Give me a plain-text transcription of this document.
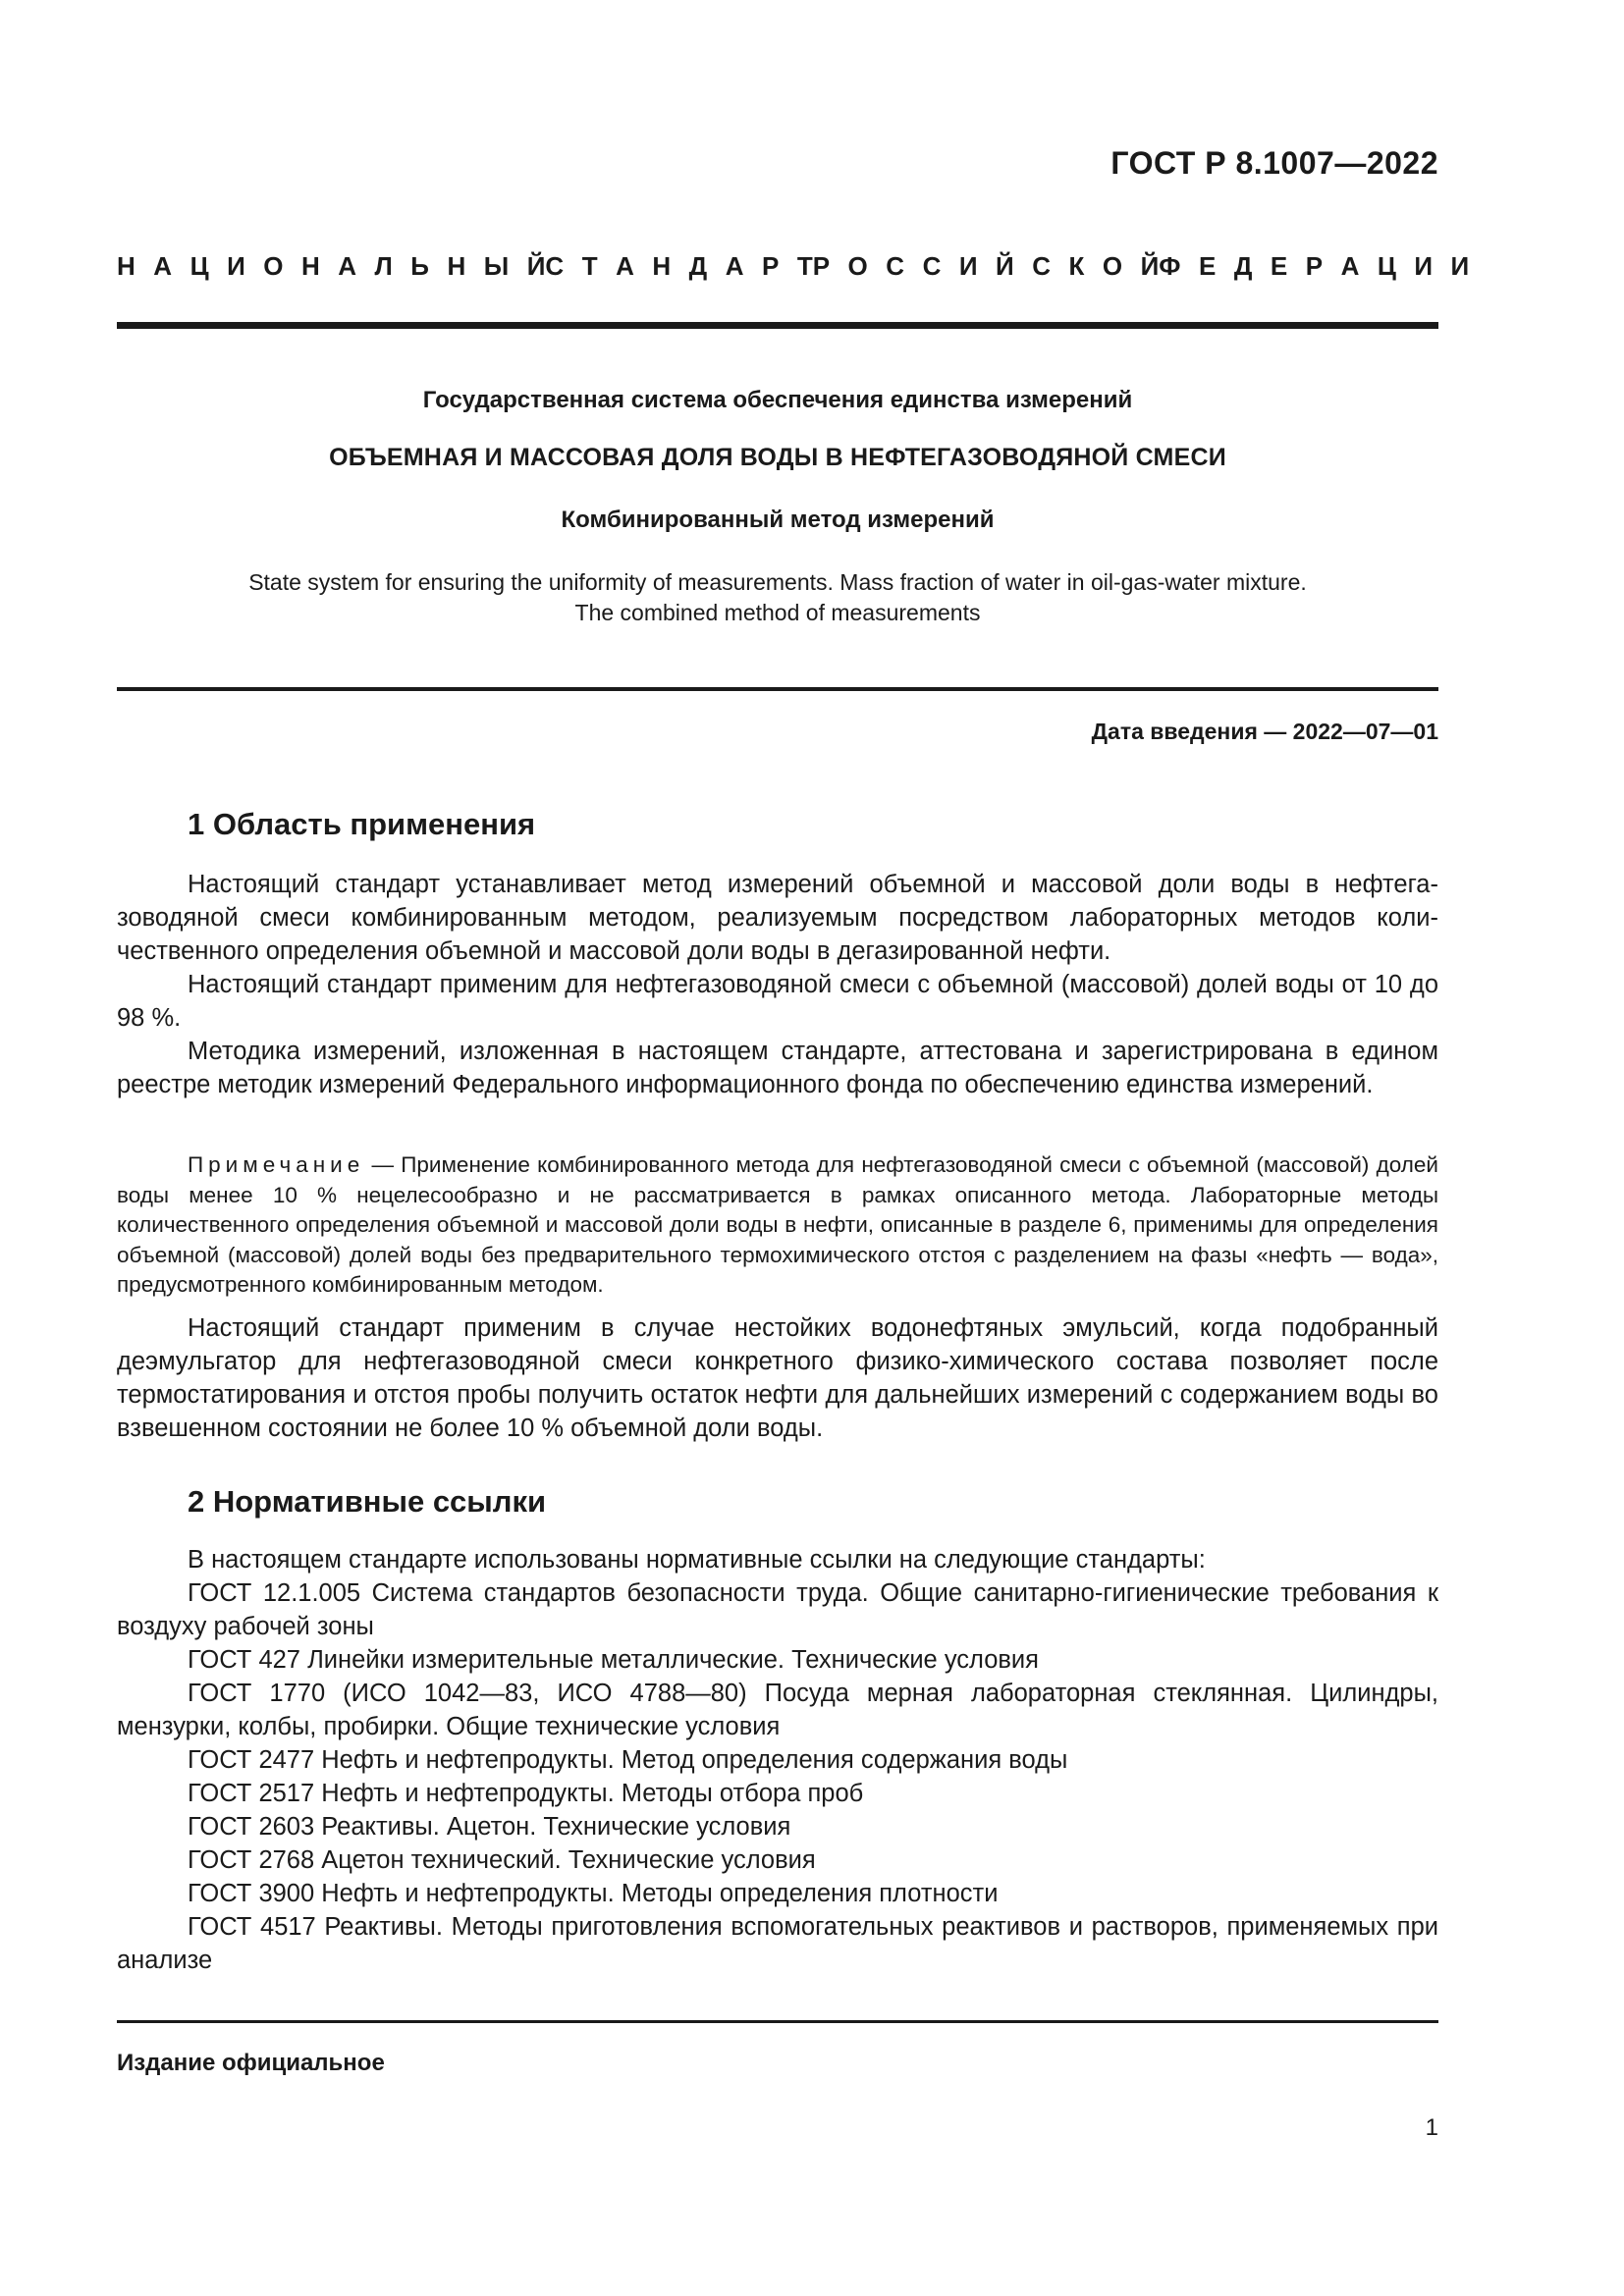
ГОСТ Р 8.1007—2022
Н А Ц И О Н А Л Ь Н Ы Й С Т А Н Д А Р Т Р О С С И Й С К О Й Ф Е Д Е Р А Ц И И
Государственная система обеспечения единства измерений
ОБЪЕМНАЯ И МАССОВАЯ ДОЛЯ ВОДЫ В НЕФТЕГАЗОВОДЯНОЙ СМЕСИ
Комбинированный метод измерений
State system for ensuring the uniformity of measurements. Mass fraction of water in oil-gas-water mixture.
The combined method of measurements
Дата введения — 2022—07—01
1 Область применения

Настоящий стандарт устанавливает метод измерений объемной и массовой доли воды в нефтегазоводяной смеси комбинированным методом, реализуемым посредством лабораторных методов количественного определения объемной и массовой доли воды в дегазированной нефти.

Настоящий стандарт применим для нефтегазоводяной смеси с объемной (массовой) долей воды от 10 до 98 %.

Методика измерений, изложенная в настоящем стандарте, аттестована и зарегистрирована в едином реестре методик измерений Федерального информационного фонда по обеспечению единства измерений.

Примечание — Применение комбинированного метода для нефтегазоводяной смеси с объемной (массовой) долей воды менее 10 % нецелесообразно и не рассматривается в рамках описанного метода. Лабораторные методы количественного определения объемной и массовой доли воды в нефти, описанные в разделе 6, применимы для определения объемной (массовой) долей воды без предварительного термохимического отстоя с разделением на фазы «нефть — вода», предусмотренного комбинированным методом.

Настоящий стандарт применим в случае нестойких водонефтяных эмульсий, когда подобранный деэмульгатор для нефтегазоводяной смеси конкретного физико-химического состава позволяет после термостатирования и отстоя пробы получить остаток нефти для дальнейших измерений с содержанием воды во взвешенном состоянии не более 10 % объемной доли воды.

2 Нормативные ссылки

В настоящем стандарте использованы нормативные ссылки на следующие стандарты:

ГОСТ 12.1.005 Система стандартов безопасности труда. Общие санитарно-гигиенические требования к воздуху рабочей зоны

ГОСТ 427 Линейки измерительные металлические. Технические условия

ГОСТ 1770 (ИСО 1042—83, ИСО 4788—80) Посуда мерная лабораторная стеклянная. Цилиндры, мензурки, колбы, пробирки. Общие технические условия

ГОСТ 2477 Нефть и нефтепродукты. Метод определения содержания воды

ГОСТ 2517 Нефть и нефтепродукты. Методы отбора проб

ГОСТ 2603 Реактивы. Ацетон. Технические условия

ГОСТ 2768 Ацетон технический. Технические условия

ГОСТ 3900 Нефть и нефтепродукты. Методы определения плотности

ГОСТ 4517 Реактивы. Методы приготовления вспомогательных реактивов и растворов, применяемых при анализе

Издание официальное
1
